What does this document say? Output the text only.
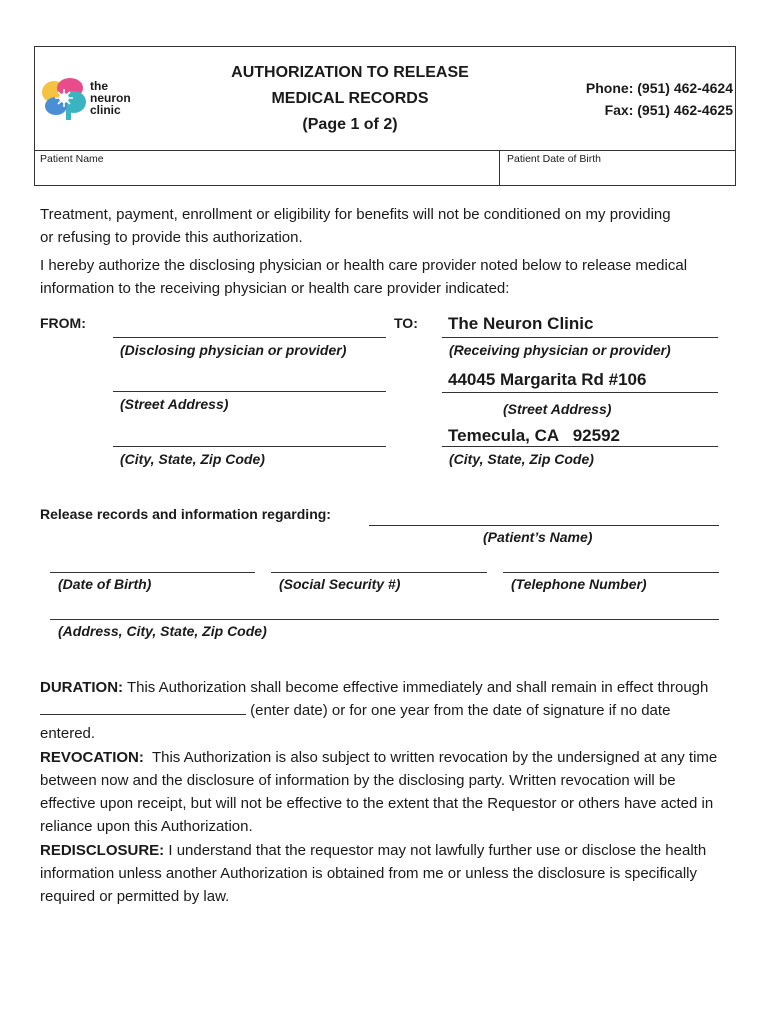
the
neuron
clinic
AUTHORIZATION TO RELEASE
MEDICAL RECORDS
(Page 1 of 2)
Phone: (951) 462-4624
Fax: (951) 462-4625
Patient Name	Patient Date of Birth
Treatment, payment, enrollment or eligibility for benefits will not be conditioned on my providing or refusing to provide this authorization.
I hereby authorize the disclosing physician or health care provider noted below to release medical information to the receiving physician or health care provider indicated:
FROM:
(Disclosing physician or provider)
(Street Address)
(City, State, Zip Code)
TO: The Neuron Clinic
(Receiving physician or provider)
44045 Margarita Rd #106
(Street Address)
Temecula, CA   92592
(City, State, Zip Code)
Release records and information regarding:
(Patient’s Name)
(Date of Birth)	(Social Security #)	(Telephone Number)
(Address, City, State, Zip Code)
DURATION: This Authorization shall become effective immediately and shall remain in effect through  (enter date) or for one year from the date of signature if no date entered.
REVOCATION:  This Authorization is also subject to written revocation by the undersigned at any time between now and the disclosure of information by the disclosing party. Written revocation will be effective upon receipt, but will not be effective to the extent that the Requestor or others have acted in reliance upon this Authorization.
REDISCLOSURE: I understand that the requestor may not lawfully further use or disclose the health information unless another Authorization is obtained from me or unless the disclosure is specifically required or permitted by law.
